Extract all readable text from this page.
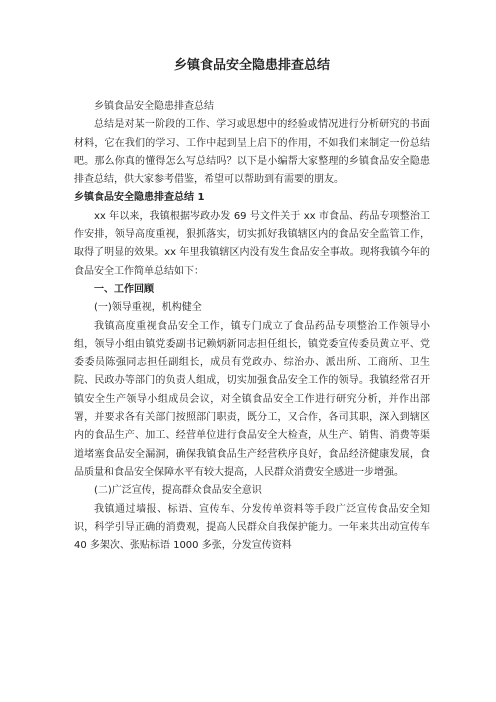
乡镇食品安全隐患排查总结

乡镇食品安全隐患排查总结

总结是对某一阶段的工作、学习或思想中的经验或情况进行分析研究的书面材料，它在我们的学习、工作中起到呈上启下的作用，不如我们来制定一份总结吧。那么你真的懂得怎么写总结吗？以下是小编帮大家整理的乡镇食品安全隐患排查总结，供大家参考借鉴，希望可以帮助到有需要的朋友。

乡镇食品安全隐患排查总结 1

xx 年以来，我镇根据岑政办发 69 号文件关于 xx 市食品、药品专项整治工作安排，领导高度重视，狠抓落实，切实抓好我镇辖区内的食品安全监管工作，取得了明显的效果。xx 年里我镇辖区内没有发生食品安全事故。现将我镇今年的食品安全工作简单总结如下：

一、工作回顾

(一)领导重视，机构健全

我镇高度重视食品安全工作，镇专门成立了食品药品专项整治工作领导小组，领导小组由镇党委副书记赖炳新同志担任组长，镇党委宣传委员黄立平、党委委员陈强同志担任副组长，成员有党政办、综治办、派出所、工商所、卫生院、民政办等部门的负责人组成，切实加强食品安全工作的领导。我镇经常召开镇安全生产领导小组成员会议，对全镇食品安全工作进行研究分析，并作出部署，并要求各有关部门按照部门职责，既分工，又合作，各司其职，深入到辖区内的食品生产、加工、经营单位进行食品安全大检查，从生产、销售、消费等渠道堵塞食品安全漏洞，确保我镇食品生产经营秩序良好，食品经济健康发展，食品质量和食品安全保障水平有较大提高，人民群众消费安全感进一步增强。

(二)广泛宣传，提高群众食品安全意识

我镇通过墙报、标语、宣传车、分发传单资料等手段广泛宣传食品安全知识，科学引导正确的消费观，提高人民群众自我保护能力。一年来共出动宣传车 40 多架次、张贴标语 1000 多张，分发宣传资料
